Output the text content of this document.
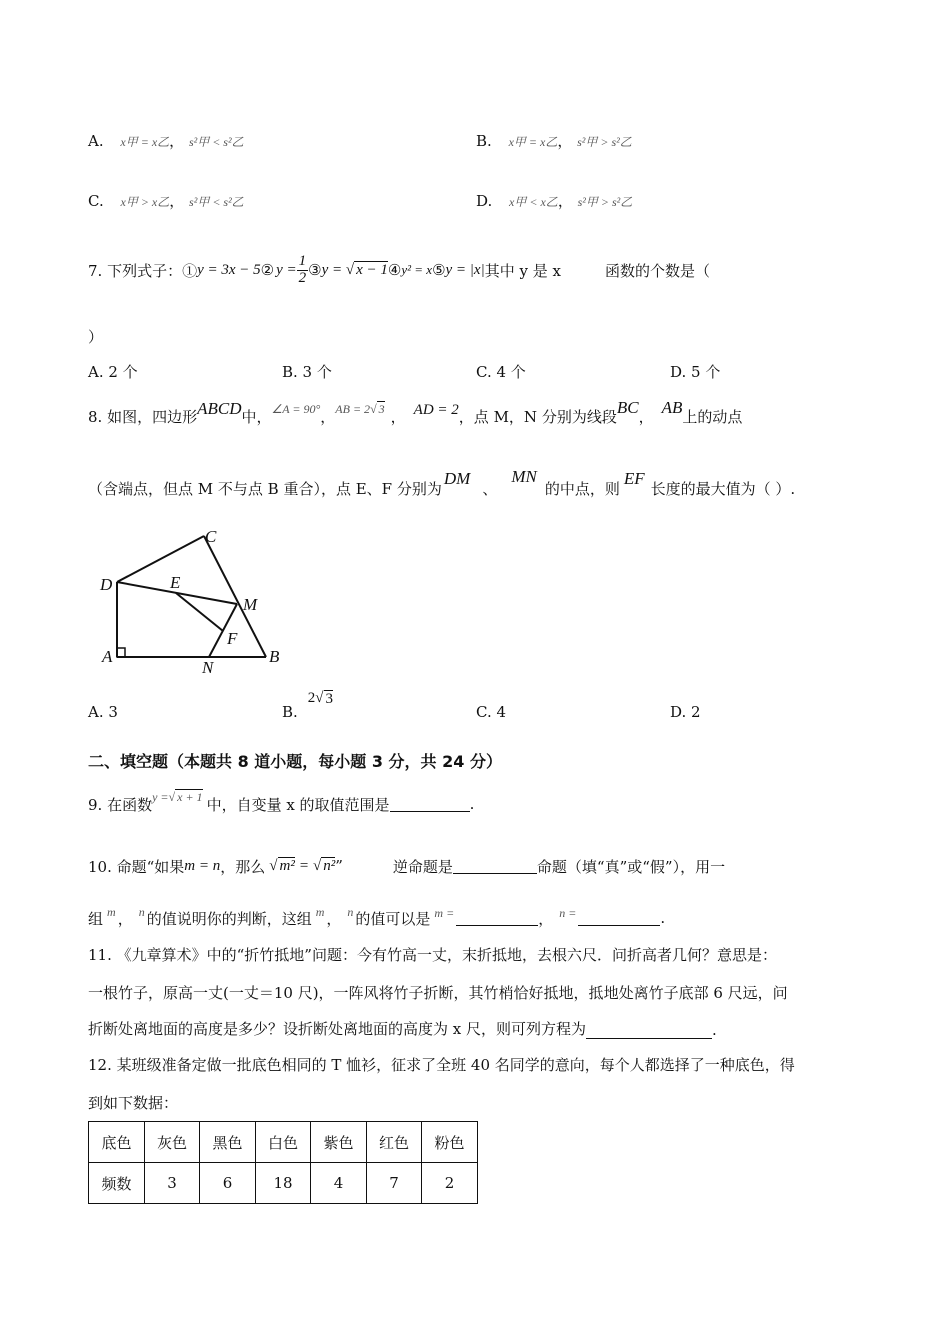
A. x甲 = x乙， s²甲 < s²乙	B. x甲 = x乙， s²甲 > s²乙
C. x甲 > x乙， s²甲 < s²乙	D. x甲 < x乙， s²甲 > s²乙
7. 下列式子：① y = 3x − 5 ② $y = \frac{1}{2}$ ③ y = √ x − 1 ④ y² = x ⑤ y = |x| 其中 y 是 x	函数的个数是（
）
A. 2 个	B. 3 个	C. 4 个	D. 5 个
8. 如图，四边形 ABCD 中， ∠A = 90° ， AB = 2 √ 3 ， AD = 2 ，点 M，N 分别为线段 BC ， AB 上的动点
（含端点，但点 M 不与点 B 重合），点 E、F 分别为
DM
、
MN
的中点，则
EF
长度的最大值为（ ）.
C
D	E
M
F
A
N
B
A. 3	B.
2 √ 3
C. 4	D. 2
二、填空题（本题共 8 道小题，每小题 3 分，共 24 分）
9. 在函数 y = √ x + 1 中，自变量 x 的取值范围是	.
10. 命题“如果 m = n ，那么 √ m² = √ n² ”	逆命题是	命题（填“真”或“假”），用一
组 m ， n 的值说明你的判断，这组 m ， n 的值可以是 m =	， n =	.
11. 《九章算术》中的“折竹抵地”问题：今有竹高一丈，末折抵地，去根六尺．问折高者几何？意思是：
一根竹子，原高一丈(一丈＝10 尺)，一阵风将竹子折断，其竹梢恰好抵地，抵地处离竹子底部 6 尺远，问
折断处离地面的高度是多少？设折断处离地面的高度为 x 尺，则可列方程为	.
12. 某班级准备定做一批底色相同的 T 恤衫，征求了全班 40 名同学的意向，每个人都选择了一种底色，得
到如下数据：
底色	灰色	黑色	白色	紫色	红色	粉色
频数	3	6	18	4	7	2
